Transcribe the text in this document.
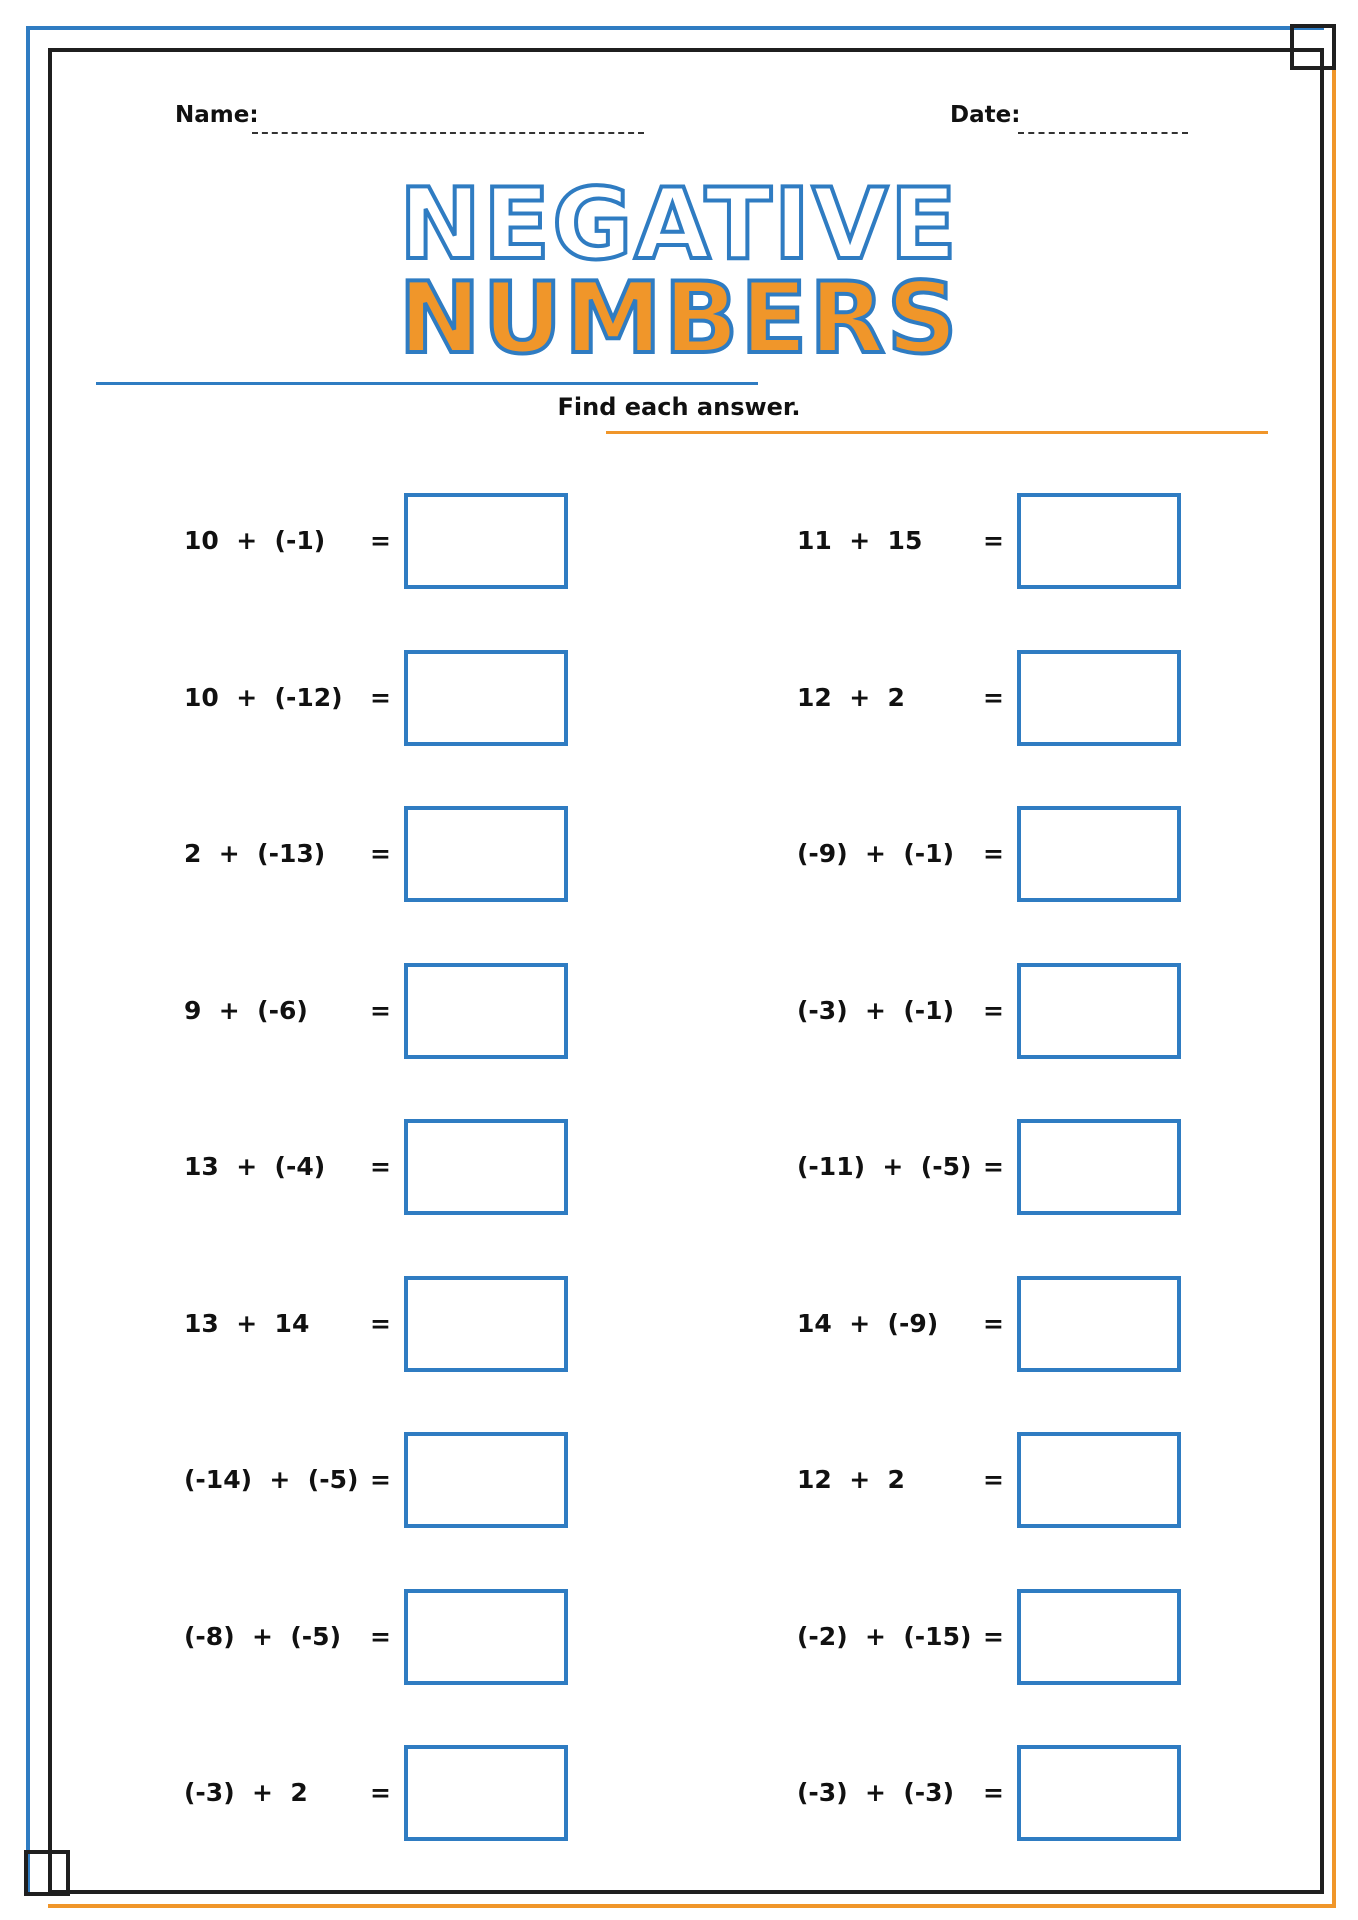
Name:	Date:
NEGATIVE
NUMBERS
Find each answer.
10  +  (-1) =
10  +  (-12) =
2  +  (-13) =
9  +  (-6) =
13  +  (-4) =
13  +  14 =
(-14)  +  (-5) =
(-8)  +  (-5) =
(-3)  +  2 =
11  +  15 =
12  +  2	=
(-9)  +  (-1) =
(-3)  +  (-1) =
(-11)  +  (-5) =
14  +  (-9) =
12  +  2	=
(-2)  +  (-15) =
(-3)  +  (-3) =
